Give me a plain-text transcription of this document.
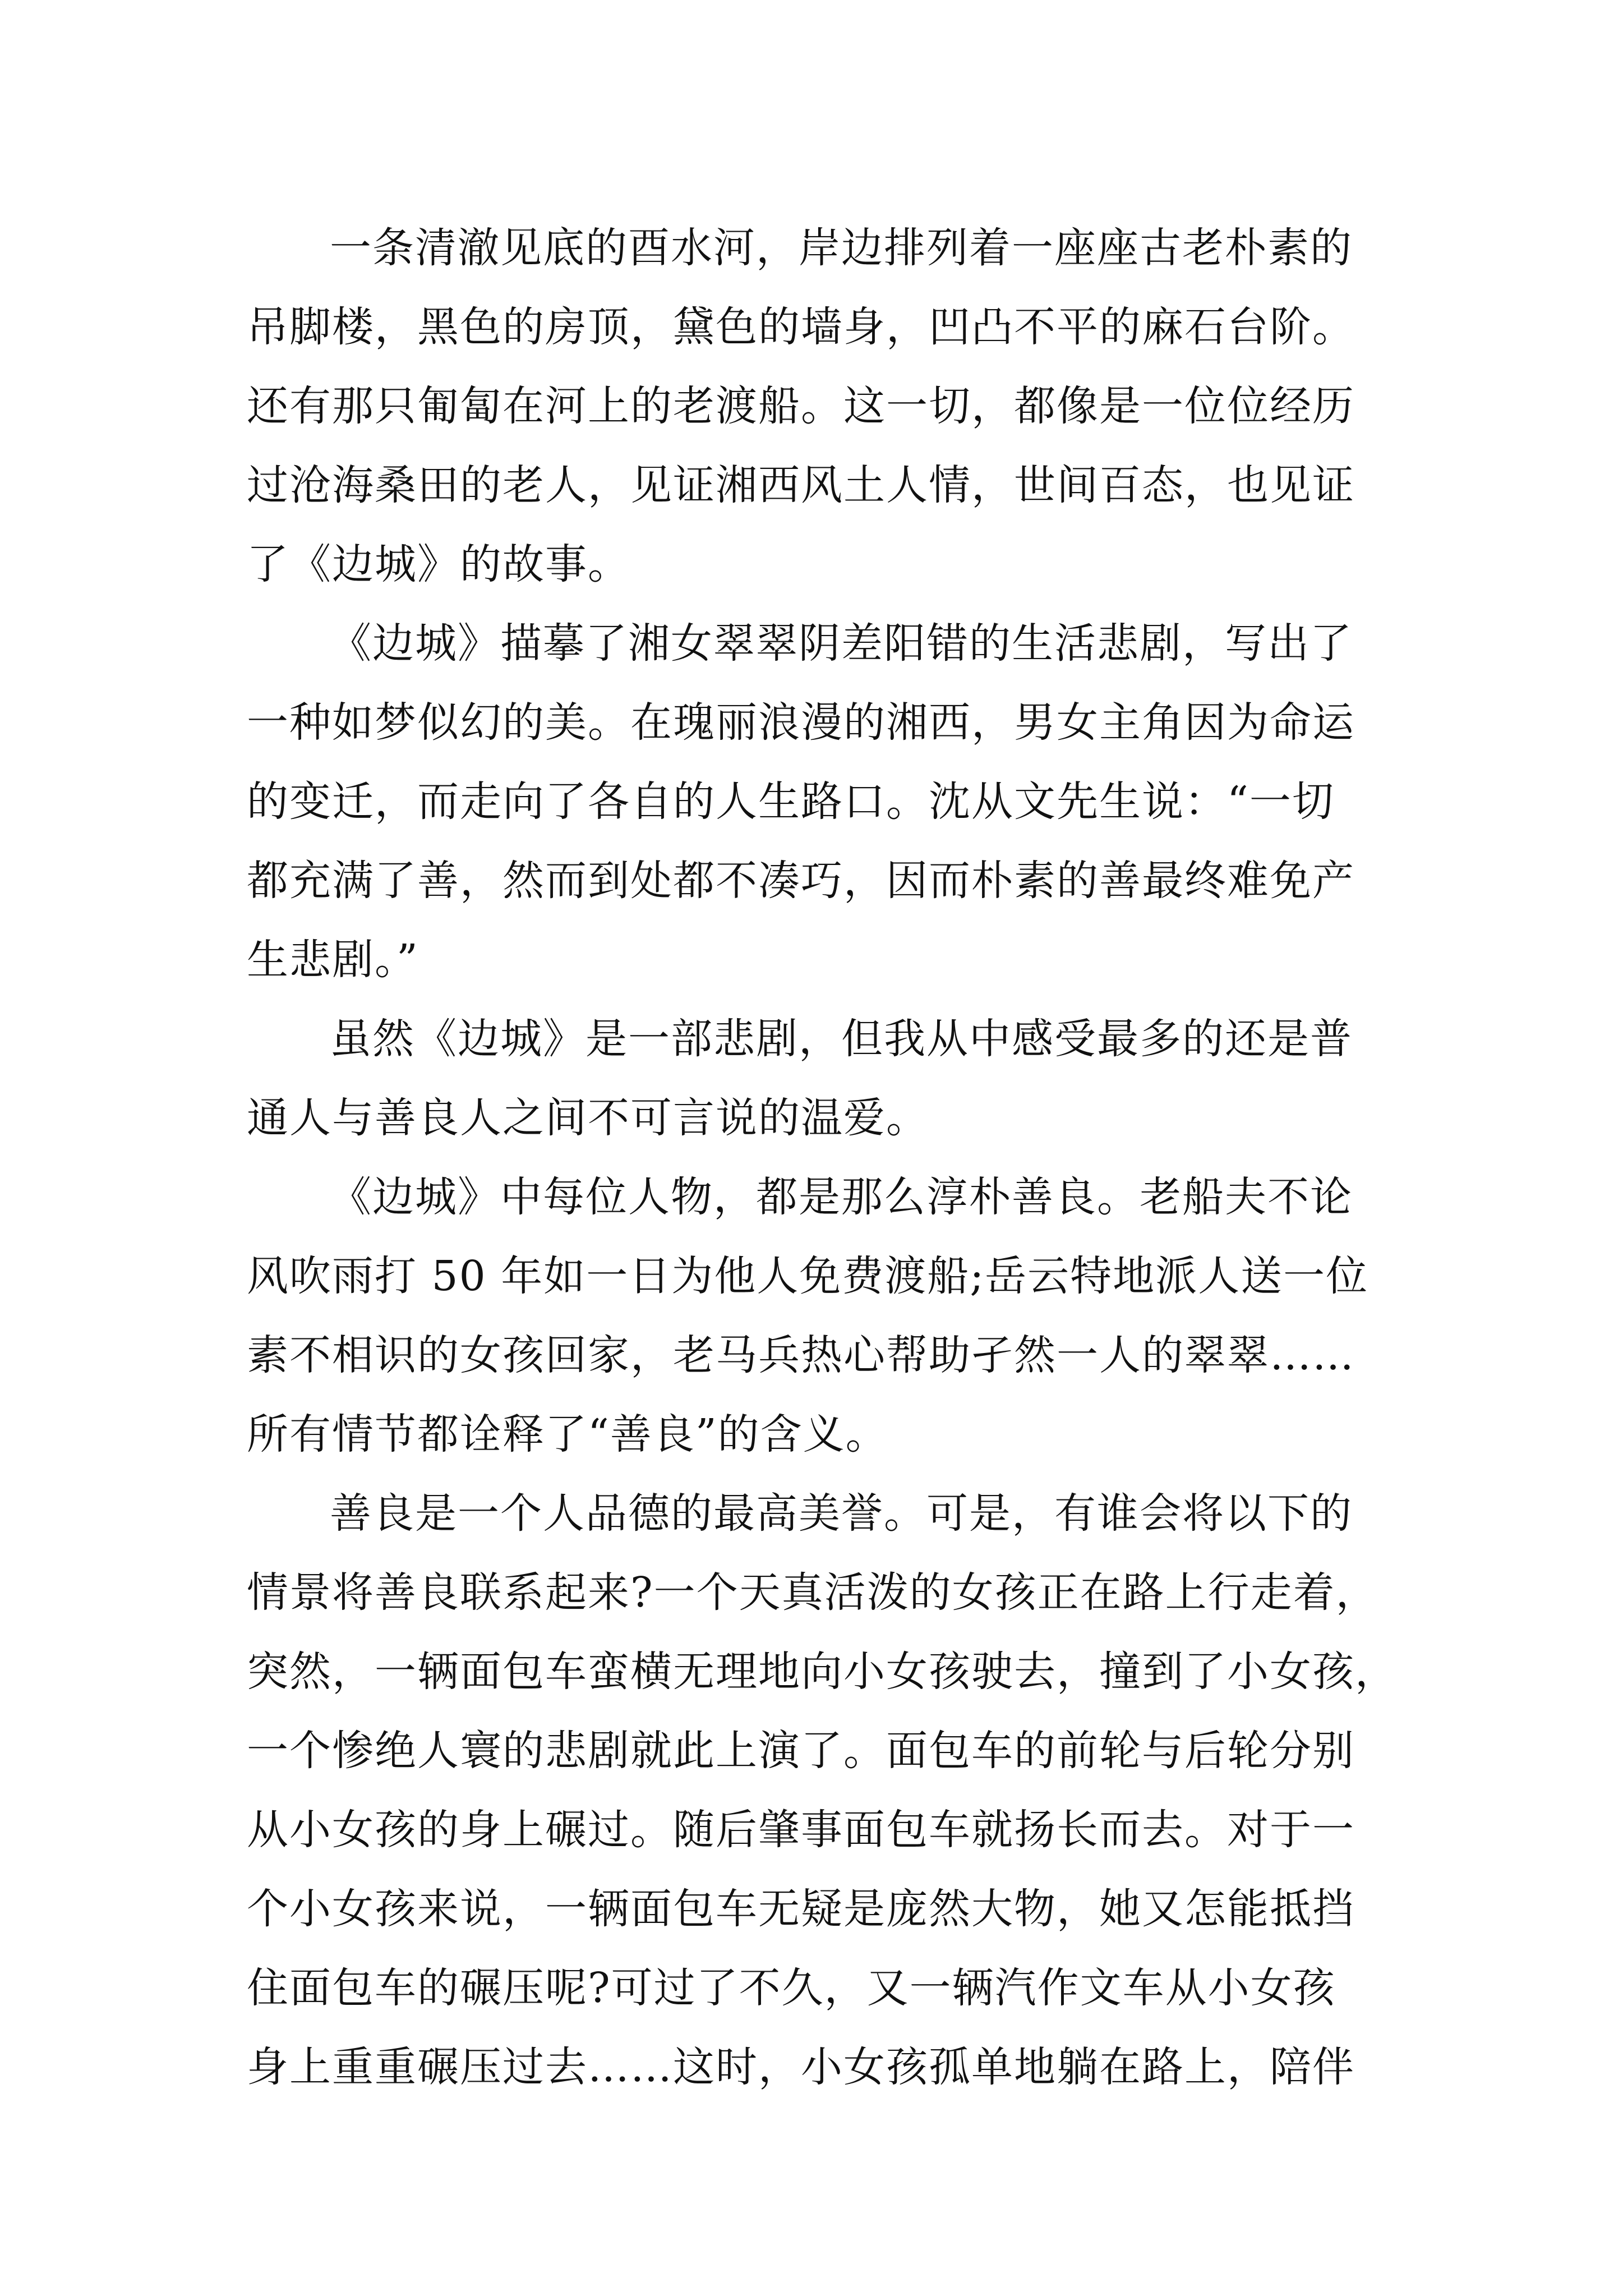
一条清澈见底的酉水河，岸边排列着一座座古老朴素的
吊脚楼，黑色的房顶，黛色的墙身，凹凸不平的麻石台阶。
还有那只匍匐在河上的老渡船。这一切，都像是一位位经历
过沧海桑田的老人，见证湘西风土人情，世间百态，也见证
了《边城》的故事。
《边城》描摹了湘女翠翠阴差阳错的生活悲剧，写出了
一种如梦似幻的美。在瑰丽浪漫的湘西，男女主角因为命运
的变迁，而走向了各自的人生路口。沈从文先生说：“一切
都充满了善，然而到处都不凑巧，因而朴素的善最终难免产
生悲剧。”
虽然《边城》是一部悲剧，但我从中感受最多的还是普
通人与善良人之间不可言说的温爱。
《边城》中每位人物，都是那么淳朴善良。老船夫不论
风吹雨打 50 年如一日为他人免费渡船;岳云特地派人送一位
素不相识的女孩回家，老马兵热心帮助孑然一人的翠翠……
所有情节都诠释了“善良”的含义。
善良是一个人品德的最高美誉。可是，有谁会将以下的
情景将善良联系起来?一个天真活泼的女孩正在路上行走着，
突然，一辆面包车蛮横无理地向小女孩驶去，撞到了小女孩，
一个惨绝人寰的悲剧就此上演了。面包车的前轮与后轮分别
从小女孩的身上碾过。随后肇事面包车就扬长而去。对于一
个小女孩来说，一辆面包车无疑是庞然大物，她又怎能抵挡
住面包车的碾压呢?可过了不久，又一辆汽作文车从小女孩
身上重重碾压过去……这时，小女孩孤单地躺在路上，陪伴
